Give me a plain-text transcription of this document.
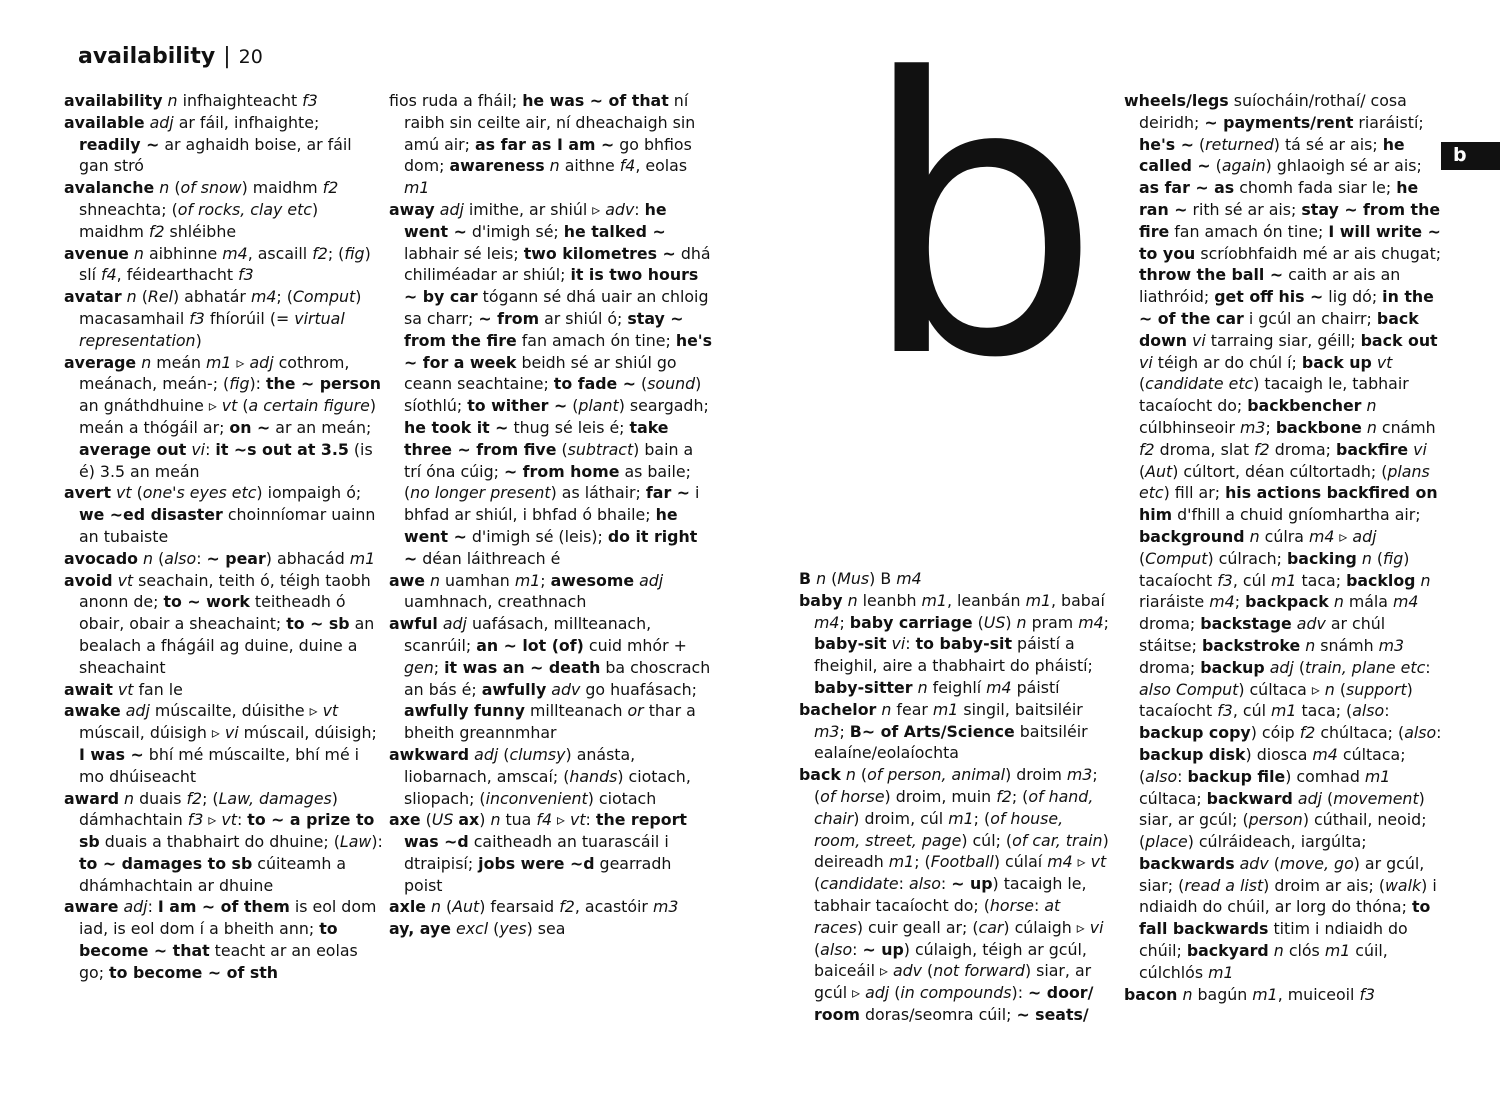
availability | 20 b	b

availability n infhaighteacht f3

available adj ar fáil, infhaighte; readily ~ ar aghaidh boise, ar fáil gan stró

avalanche n (of snow) maidhm f2 shneachta; (of rocks, clay etc) maidhm f2 shléibhe

avenue n aibhinne m4, ascaill f2; (fig) slí f4, féidearthacht f3

avatar n (Rel) abhatár m4; (Comput) macasamhail f3 fhíorúil (= virtual representation)

average n meán m1 ▹ adj cothrom, meánach, meán-; (fig): the ~ person an gnáthdhuine ▹ vt (a certain figure) meán a thógáil ar; on ~ ar an meán; average out vi: it ~s out at 3.5 (is é) 3.5 an meán

avert vt (one's eyes etc) iompaigh ó; we ~ed disaster choinníomar uainn an tubaiste

avocado n (also: ~ pear) abhacád m1

avoid vt seachain, teith ó, téigh taobh anonn de; to ~ work teitheadh ó obair, obair a sheachaint; to ~ sb an bealach a fhágáil ag duine, duine a sheachaint

await vt fan le

awake adj múscailte, dúisithe ▹ vt múscail, dúisigh ▹ vi múscail, dúisigh; I was ~ bhí mé múscailte, bhí mé i mo dhúiseacht

award n duais f2; (Law, damages) dámhachtain f3 ▹ vt: to ~ a prize to sb duais a thabhairt do dhuine; (Law): to ~ damages to sb cúiteamh a dhámhachtain ar dhuine

aware adj: I am ~ of them is eol dom iad, is eol dom í a bheith ann; to become ~ that teacht ar an eolas go; to become ~ of sth

fios ruda a fháil; he was ~ of that ní raibh sin ceilte air, ní dheachaigh sin amú air; as far as I am ~ go bhfios dom; awareness n aithne f4, eolas m1

away adj imithe, ar shiúl ▹ adv: he went ~ d'imigh sé; he talked ~ labhair sé leis; two kilometres ~ dhá chiliméadar ar shiúl; it is two hours ~ by car tógann sé dhá uair an chloig sa charr; ~ from ar shiúl ó; stay ~ from the fire fan amach ón tine; he's ~ for a week beidh sé ar shiúl go ceann seachtaine; to fade ~ (sound) síothlú; to wither ~ (plant) seargadh; he took it ~ thug sé leis é; take three ~ from five (subtract) bain a trí óna cúig; ~ from home as baile; (no longer present) as láthair; far ~ i bhfad ar shiúl, i bhfad ó bhaile; he went ~ d'imigh sé (leis); do it right ~ déan láithreach é

awe n uamhan m1; awesome adj uamhnach, creathnach

awful adj uafásach, millteanach, scanrúil; an ~ lot (of) cuid mhór + gen; it was an ~ death ba choscrach an bás é; awfully adv go huafásach; awfully funny millteanach or thar a bheith greannmhar

awkward adj (clumsy) anásta, liobarnach, amscaí; (hands) ciotach, sliopach; (inconvenient) ciotach

axe (US ax) n tua f4 ▹ vt: the report was ~d caitheadh an tuarascáil i dtraipisí; jobs were ~d gearradh poist

axle n (Aut) fearsaid f2, acastóir m3

ay, aye excl (yes) sea

B n (Mus) B m4

baby n leanbh m1, leanbán m1, babaí m4; baby carriage (US) n pram m4; baby-sit vi: to baby-sit páistí a fheighil, aire a thabhairt do pháistí; baby-sitter n feighlí m4 páistí

bachelor n fear m1 singil, baitsiléir m3; B~ of Arts/Science baitsiléir ealaíne/eolaíochta

back n (of person, animal) droim m3; (of horse) droim, muin f2; (of hand, chair) droim, cúl m1; (of house, room, street, page) cúl; (of car, train) deireadh m1; (Football) cúlaí m4 ▹ vt (candidate: also: ~ up) tacaigh le, tabhair tacaíocht do; (horse: at races) cuir geall ar; (car) cúlaigh ▹ vi (also: ~ up) cúlaigh, téigh ar gcúl, baiceáil ▹ adv (not forward) siar, ar gcúl ▹ adj (in compounds): ~ door/ room doras/seomra cúil; ~ seats/

wheels/legs suíocháin/rothaí/ cosa deiridh; ~ payments/rent riaráistí; he's ~ (returned) tá sé ar ais; he called ~ (again) ghlaoigh sé ar ais; as far ~ as chomh fada siar le; he ran ~ rith sé ar ais; stay ~ from the fire fan amach ón tine; I will write ~ to you scríobhfaidh mé ar ais chugat; throw the ball ~ caith ar ais an liathróid; get off his ~ lig dó; in the ~ of the car i gcúl an chairr; back down vi tarraing siar, géill; back out vi téigh ar do chúl í; back up vt (candidate etc) tacaigh le, tabhair tacaíocht do; backbencher n cúlbhinseoir m3; backbone n cnámh f2 droma, slat f2 droma; backfire vi (Aut) cúltort, déan cúltortadh; (plans etc) fill ar; his actions backfired on him d'fhill a chuid gníomhartha air; background n cúlra m4 ▹ adj (Comput) cúlrach; backing n (fig) tacaíocht f3, cúl m1 taca; backlog n riaráiste m4; backpack n mála m4 droma; backstage adv ar chúl stáitse; backstroke n snámh m3 droma; backup adj (train, plane etc: also Comput) cúltaca ▹ n (support) tacaíocht f3, cúl m1 taca; (also: backup copy) cóip f2 chúltaca; (also: backup disk) diosca m4 cúltaca; (also: backup file) comhad m1 cúltaca; backward adj (movement) siar, ar gcúl; (person) cúthail, neoid; (place) cúlráideach, iargúlta; backwards adv (move, go) ar gcúl, siar; (read a list) droim ar ais; (walk) i ndiaidh do chúil, ar lorg do thóna; to fall backwards titim i ndiaidh do chúil; backyard n clós m1 cúil, cúlchlós m1

bacon n bagún m1, muiceoil f3
